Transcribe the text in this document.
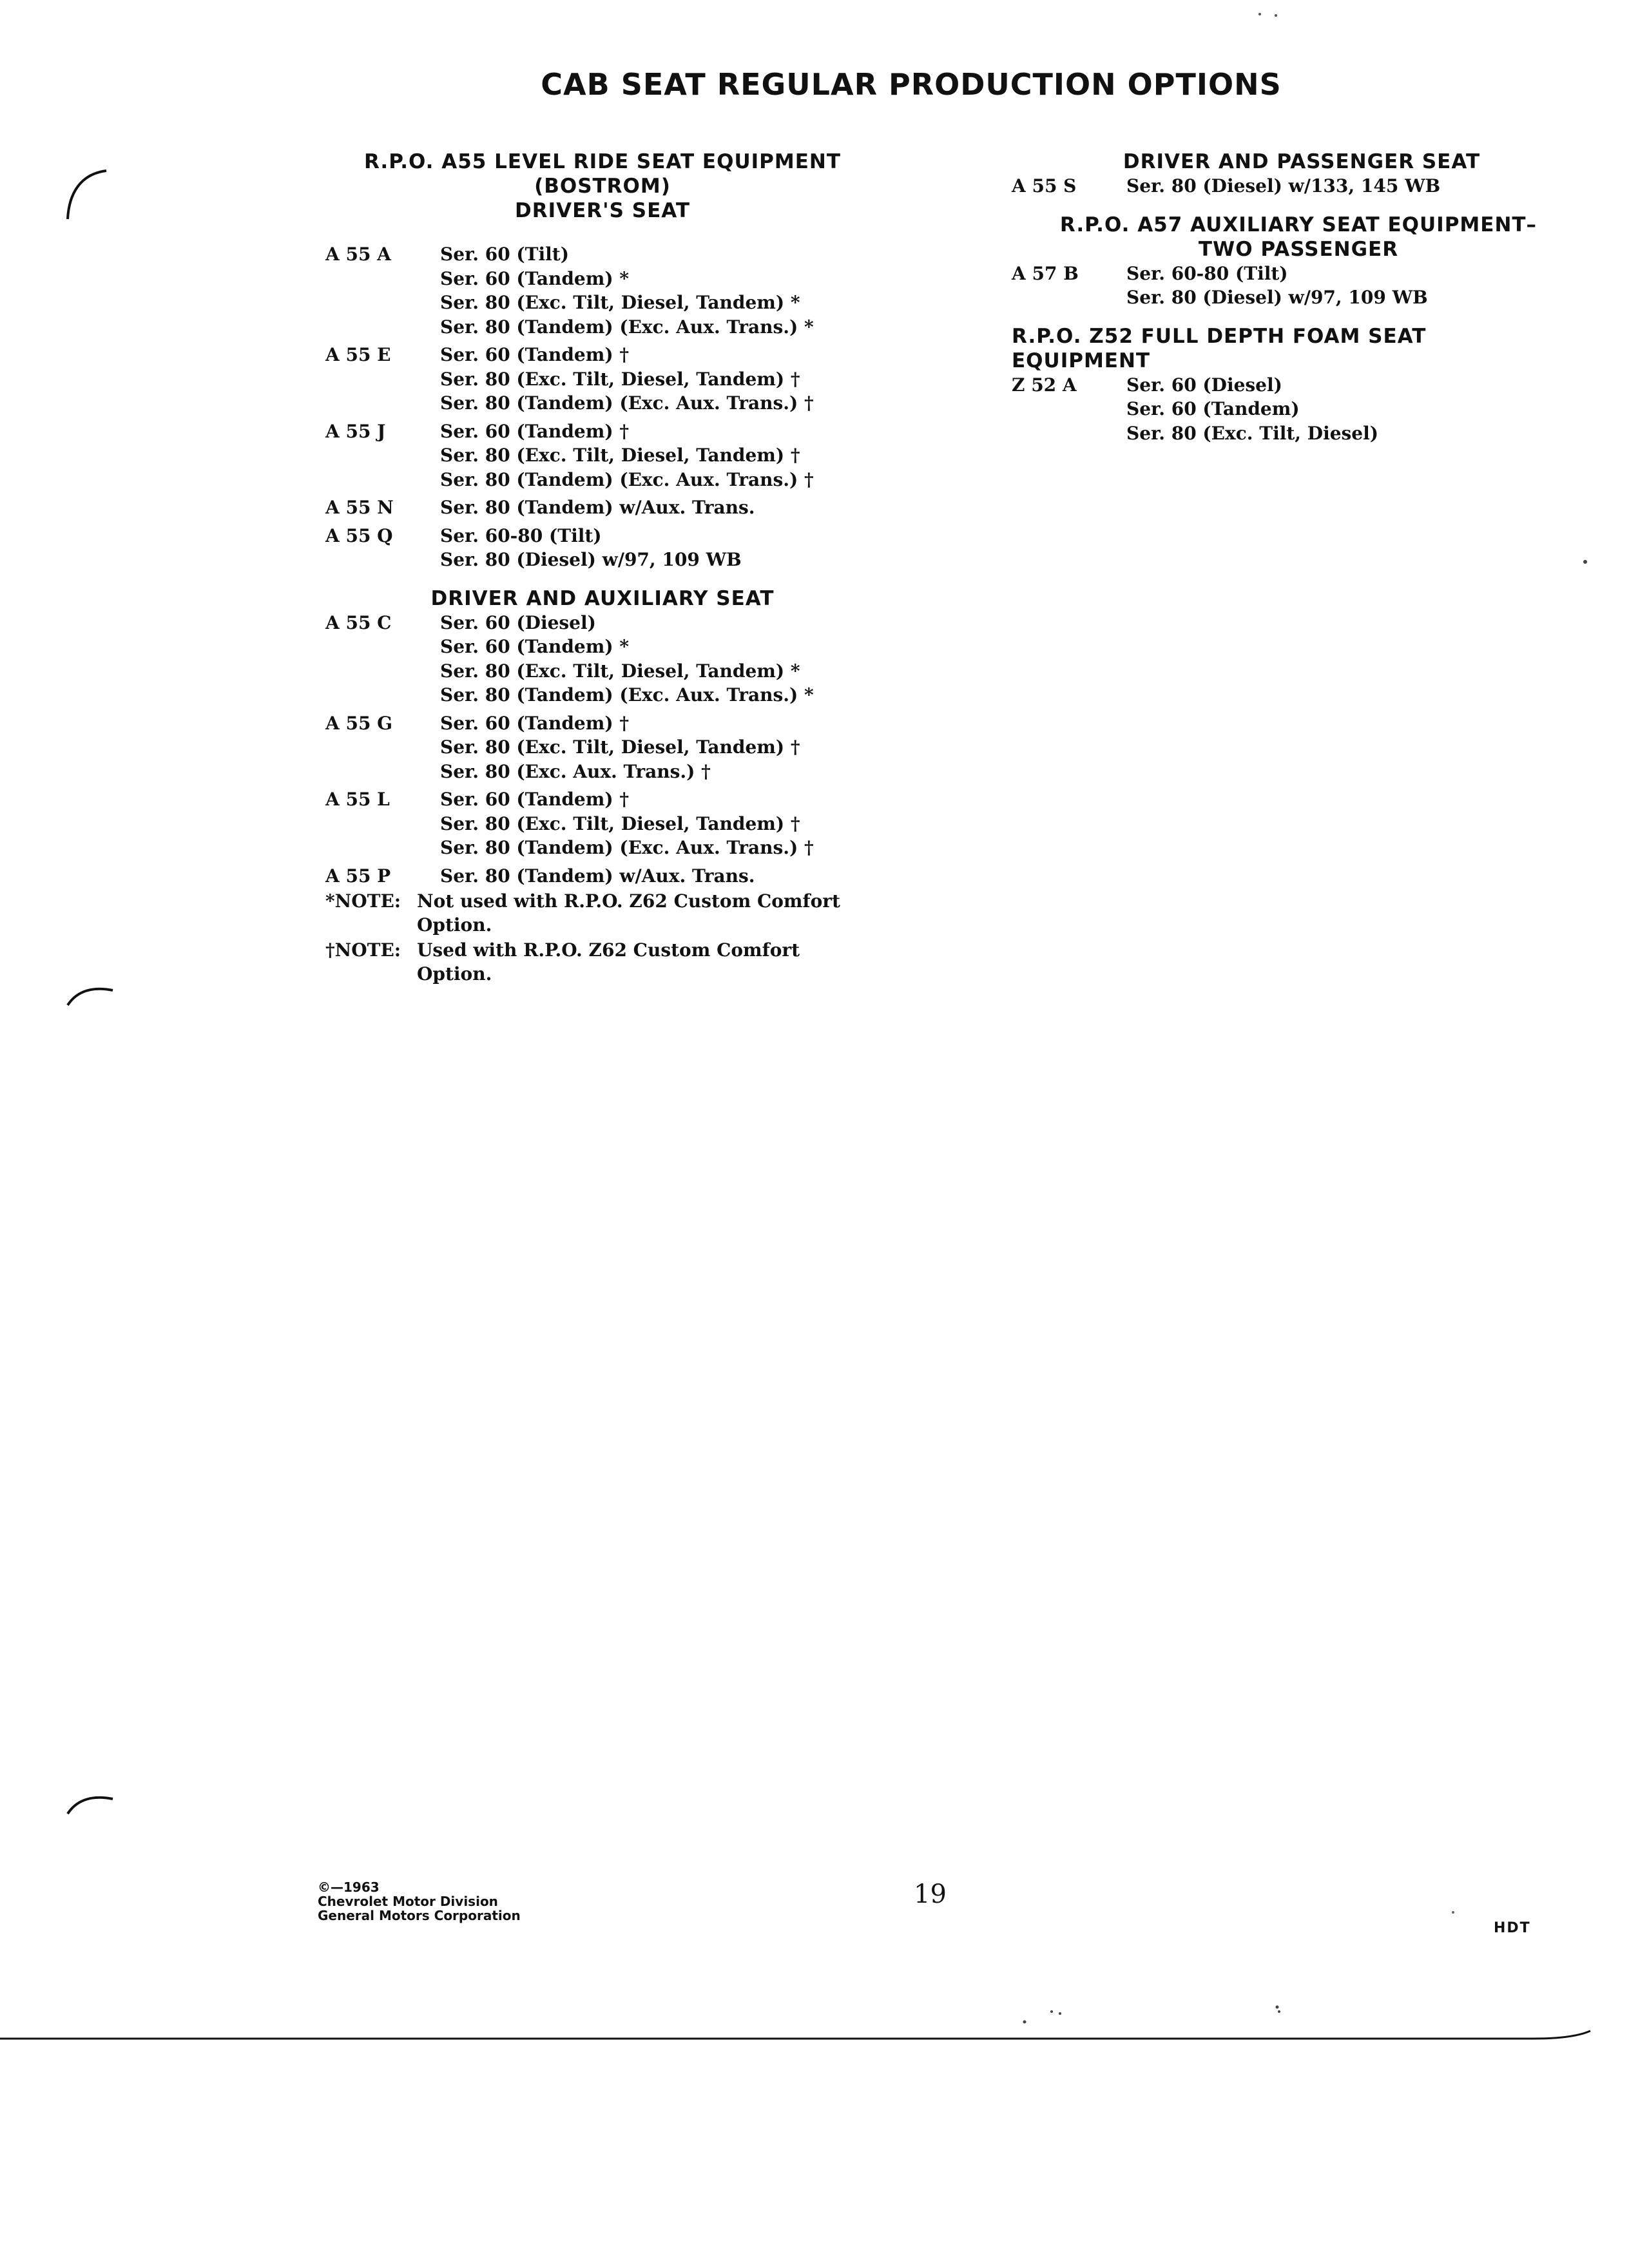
CAB SEAT REGULAR PRODUCTION OPTIONS
R.P.O. A55 LEVEL RIDE SEAT EQUIPMENT
(BOSTROM)
DRIVER'S SEAT
A 55 A	Ser. 60 (Tilt)
Ser. 60 (Tandem) *
Ser. 80 (Exc. Tilt, Diesel, Tandem) *
Ser. 80 (Tandem) (Exc. Aux. Trans.) *
A 55 E	Ser. 60 (Tandem) †
Ser. 80 (Exc. Tilt, Diesel, Tandem) †
Ser. 80 (Tandem) (Exc. Aux. Trans.) †
A 55 J	Ser. 60 (Tandem) †
Ser. 80 (Exc. Tilt, Diesel, Tandem) †
Ser. 80 (Tandem) (Exc. Aux. Trans.) †
A 55 N	Ser. 80 (Tandem) w/Aux. Trans.
A 55 Q	Ser. 60-80 (Tilt)
Ser. 80 (Diesel) w/97, 109 WB
DRIVER AND AUXILIARY SEAT
A 55 C	Ser. 60 (Diesel)
Ser. 60 (Tandem) *
Ser. 80 (Exc. Tilt, Diesel, Tandem) *
Ser. 80 (Tandem) (Exc. Aux. Trans.) *
A 55 G	Ser. 60 (Tandem) †
Ser. 80 (Exc. Tilt, Diesel, Tandem) †
Ser. 80 (Exc. Aux. Trans.) †
A 55 L	Ser. 60 (Tandem) †
Ser. 80 (Exc. Tilt, Diesel, Tandem) †
Ser. 80 (Tandem) (Exc. Aux. Trans.) †
A 55 P	Ser. 80 (Tandem) w/Aux. Trans.
*NOTE: Not used with R.P.O. Z62 Custom Comfort
Option.
†NOTE: Used with R.P.O. Z62 Custom Comfort
Option.
DRIVER AND PASSENGER SEAT
A 55 S	Ser. 80 (Diesel) w/133, 145 WB
R.P.O. A57 AUXILIARY SEAT EQUIPMENT–
TWO PASSENGER
A 57 B	Ser. 60-80 (Tilt)
Ser. 80 (Diesel) w/97, 109 WB
R.P.O. Z52 FULL DEPTH FOAM SEAT EQUIPMENT
Z 52 A	Ser. 60 (Diesel)
Ser. 60 (Tandem)
Ser. 80 (Exc. Tilt, Diesel)
©—1963
Chevrolet Motor Division
General Motors Corporation
19
HDT
